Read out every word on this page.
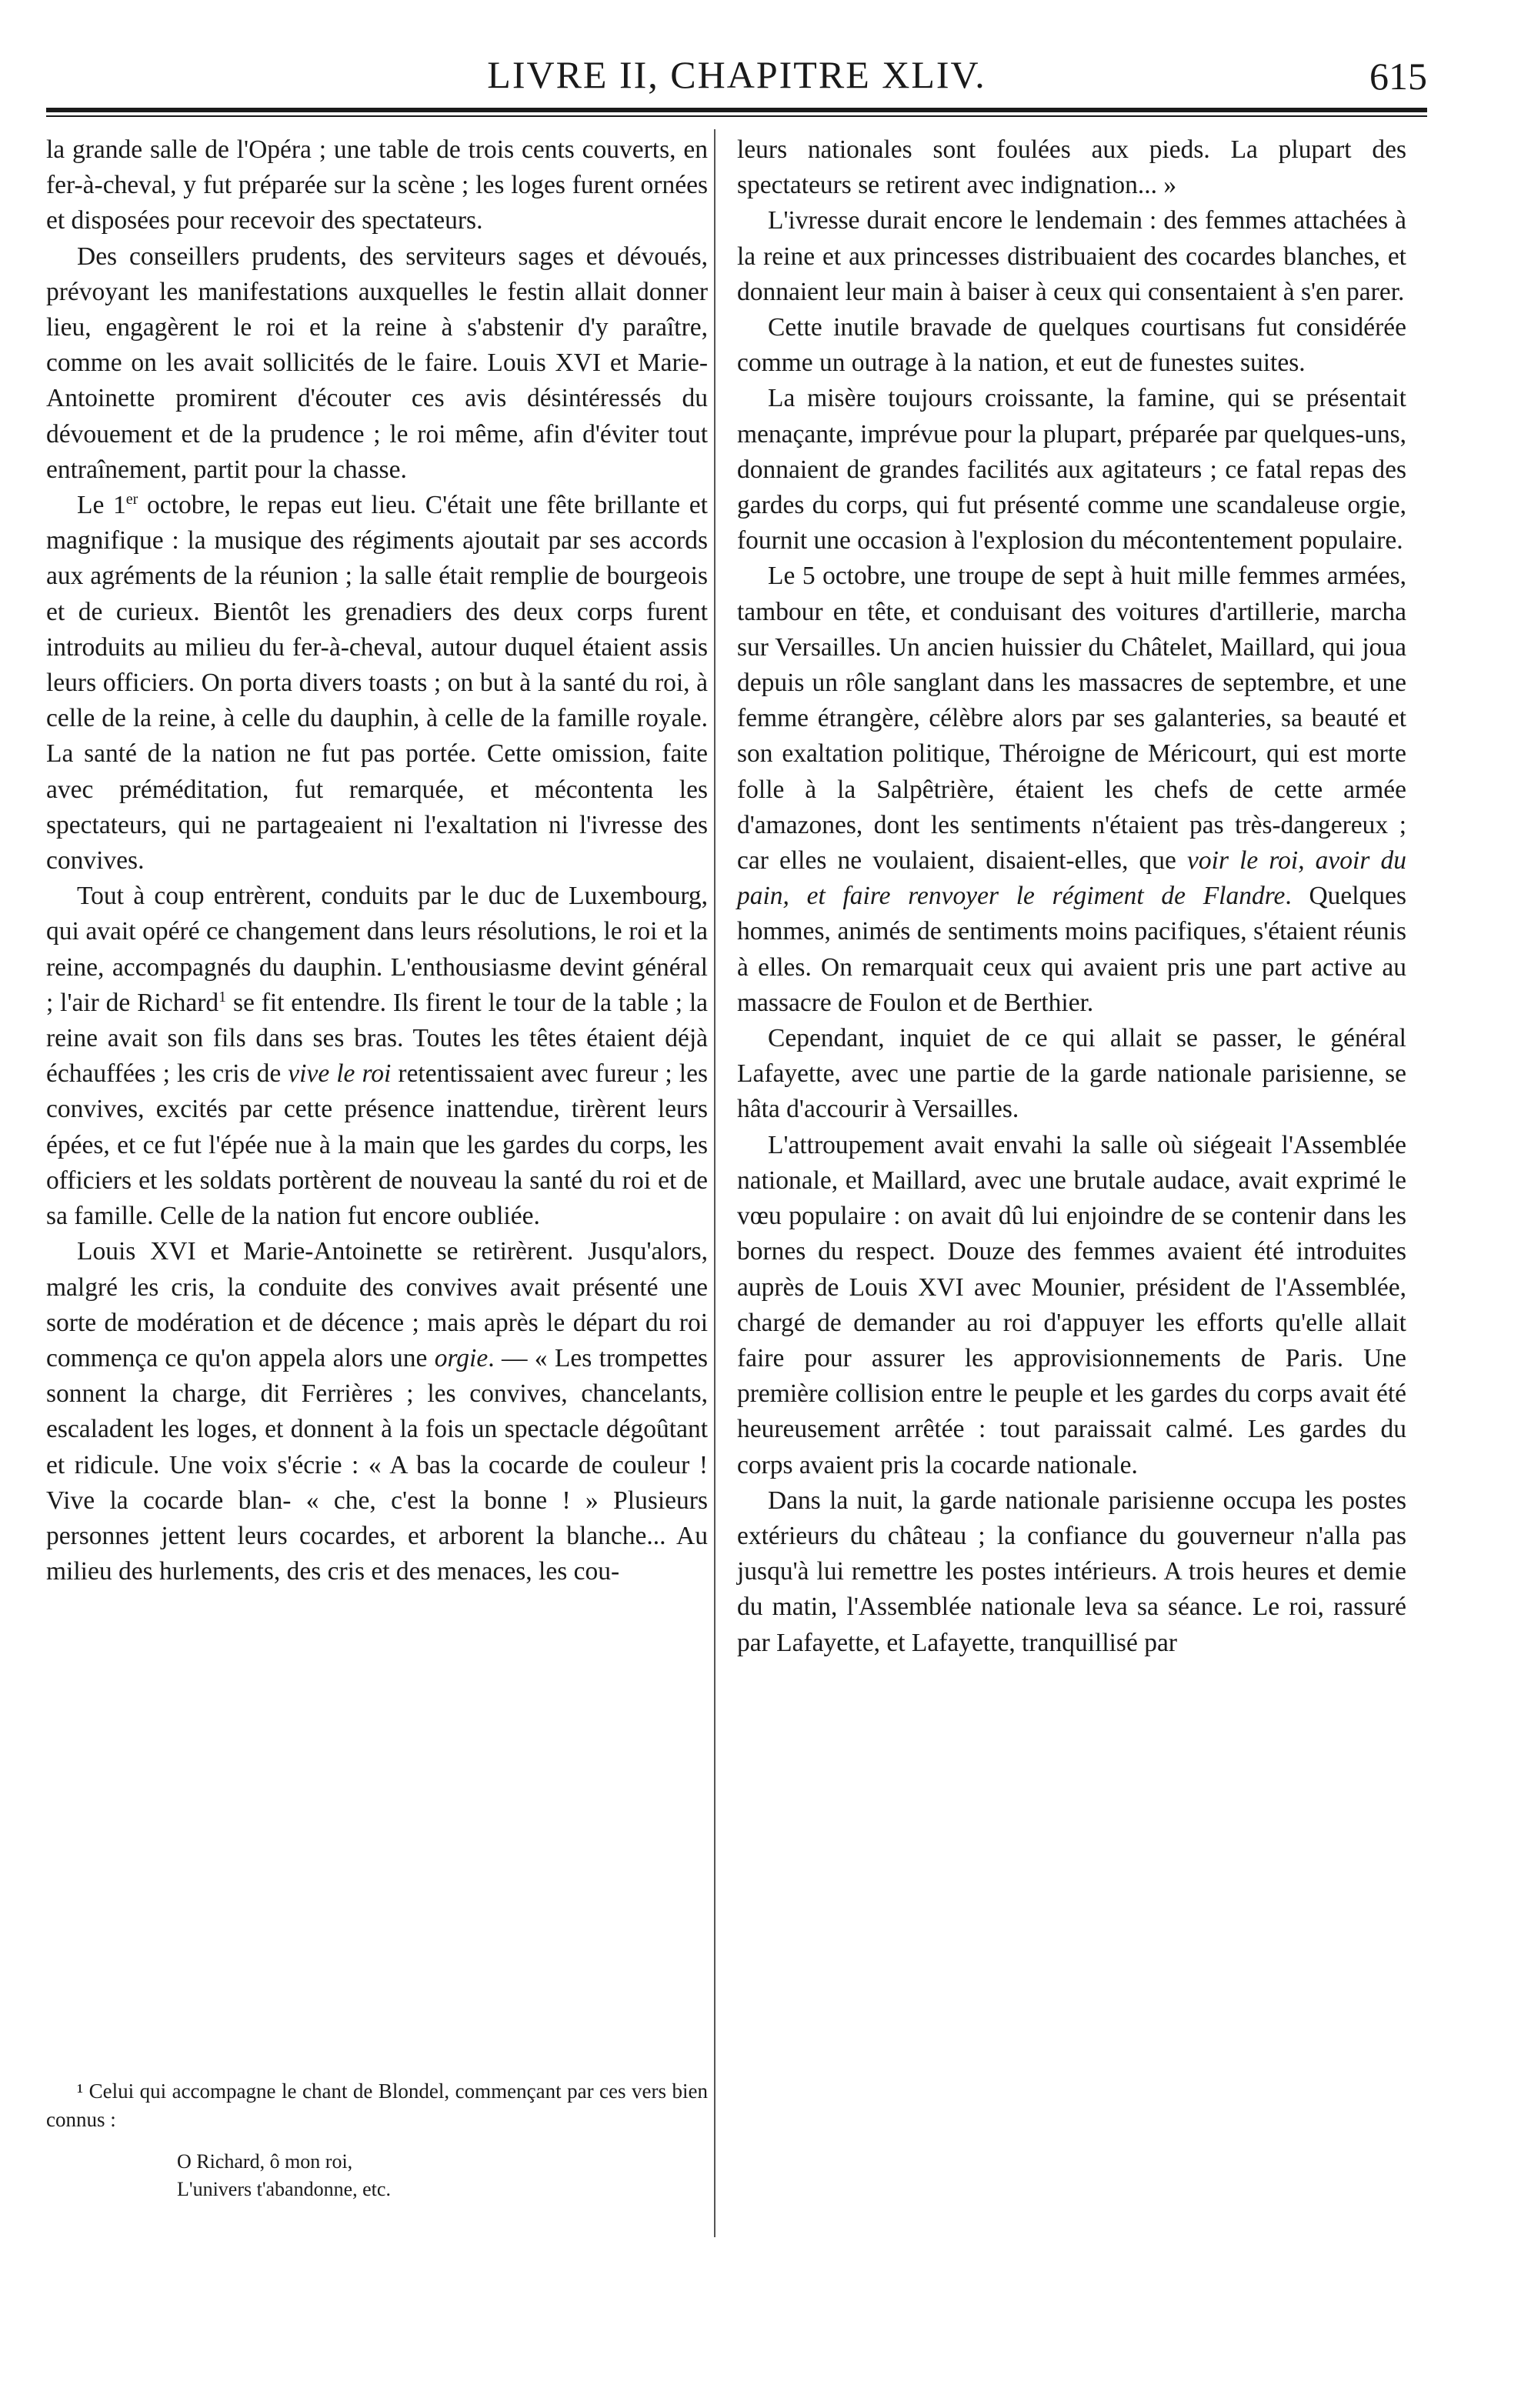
LIVRE II, CHAPITRE XLIV.	615

la grande salle de l'Opéra ; une table de trois cents couverts, en fer-à-cheval, y fut préparée sur la scène ; les loges furent ornées et disposées pour recevoir des spectateurs.

Des conseillers prudents, des serviteurs sages et dévoués, prévoyant les manifestations auxquelles le festin allait donner lieu, engagèrent le roi et la reine à s'abstenir d'y paraître, comme on les avait sollicités de le faire. Louis XVI et Marie-Antoinette promirent d'écouter ces avis désintéressés du dévouement et de la prudence ; le roi même, afin d'éviter tout entraînement, partit pour la chasse.

Le 1er octobre, le repas eut lieu. C'était une fête brillante et magnifique : la musique des régiments ajoutait par ses accords aux agréments de la réunion ; la salle était remplie de bourgeois et de curieux. Bientôt les grenadiers des deux corps furent introduits au milieu du fer-à-cheval, autour duquel étaient assis leurs officiers. On porta divers toasts ; on but à la santé du roi, à celle de la reine, à celle du dauphin, à celle de la famille royale. La santé de la nation ne fut pas portée. Cette omission, faite avec préméditation, fut remarquée, et mécontenta les spectateurs, qui ne partageaient ni l'exaltation ni l'ivresse des convives.

Tout à coup entrèrent, conduits par le duc de Luxembourg, qui avait opéré ce changement dans leurs résolutions, le roi et la reine, accompagnés du dauphin. L'enthousiasme devint général ; l'air de Richard$^1$ se fit entendre. Ils firent le tour de la table ; la reine avait son fils dans ses bras. Toutes les têtes étaient déjà échauffées ; les cris de vive le roi retentissaient avec fureur ; les convives, excités par cette présence inattendue, tirèrent leurs épées, et ce fut l'épée nue à la main que les gardes du corps, les officiers et les soldats portèrent de nouveau la santé du roi et de sa famille. Celle de la nation fut encore oubliée.

Louis XVI et Marie-Antoinette se retirèrent. Jusqu'alors, malgré les cris, la conduite des convives avait présenté une sorte de modération et de décence ; mais après le départ du roi commença ce qu'on appela alors une orgie. — « Les trompettes sonnent la charge, dit Ferrières ; les convives, chancelants, escaladent les loges, et donnent à la fois un spectacle dégoûtant et ridicule. Une voix s'écrie : « A bas la cocarde de couleur ! Vive la cocarde blan- « che, c'est la bonne ! » Plusieurs personnes jettent leurs cocardes, et arborent la blanche... Au milieu des hurlements, des cris et des menaces, les cou-

¹ Celui qui accompagne le chant de Blondel, commençant par ces vers bien connus :

O Richard, ô mon roi,
L'univers t'abandonne, etc.

leurs nationales sont foulées aux pieds. La plupart des spectateurs se retirent avec indignation... »

L'ivresse durait encore le lendemain : des femmes attachées à la reine et aux princesses distribuaient des cocardes blanches, et donnaient leur main à baiser à ceux qui consentaient à s'en parer.

Cette inutile bravade de quelques courtisans fut considérée comme un outrage à la nation, et eut de funestes suites.

La misère toujours croissante, la famine, qui se présentait menaçante, imprévue pour la plupart, préparée par quelques-uns, donnaient de grandes facilités aux agitateurs ; ce fatal repas des gardes du corps, qui fut présenté comme une scandaleuse orgie, fournit une occasion à l'explosion du mécontentement populaire.

Le 5 octobre, une troupe de sept à huit mille femmes armées, tambour en tête, et conduisant des voitures d'artillerie, marcha sur Versailles. Un ancien huissier du Châtelet, Maillard, qui joua depuis un rôle sanglant dans les massacres de septembre, et une femme étrangère, célèbre alors par ses galanteries, sa beauté et son exaltation politique, Théroigne de Méricourt, qui est morte folle à la Salpêtrière, étaient les chefs de cette armée d'amazones, dont les sentiments n'étaient pas très-dangereux ; car elles ne voulaient, disaient-elles, que voir le roi, avoir du pain, et faire renvoyer le régiment de Flandre. Quelques hommes, animés de sentiments moins pacifiques, s'étaient réunis à elles. On remarquait ceux qui avaient pris une part active au massacre de Foulon et de Berthier.

Cependant, inquiet de ce qui allait se passer, le général Lafayette, avec une partie de la garde nationale parisienne, se hâta d'accourir à Versailles.

L'attroupement avait envahi la salle où siégeait l'Assemblée nationale, et Maillard, avec une brutale audace, avait exprimé le vœu populaire : on avait dû lui enjoindre de se contenir dans les bornes du respect. Douze des femmes avaient été introduites auprès de Louis XVI avec Mounier, président de l'Assemblée, chargé de demander au roi d'appuyer les efforts qu'elle allait faire pour assurer les approvisionnements de Paris. Une première collision entre le peuple et les gardes du corps avait été heureusement arrêtée : tout paraissait calmé. Les gardes du corps avaient pris la cocarde nationale.

Dans la nuit, la garde nationale parisienne occupa les postes extérieurs du château ; la confiance du gouverneur n'alla pas jusqu'à lui remettre les postes intérieurs. A trois heures et demie du matin, l'Assemblée nationale leva sa séance. Le roi, rassuré par Lafayette, et Lafayette, tranquillisé par
